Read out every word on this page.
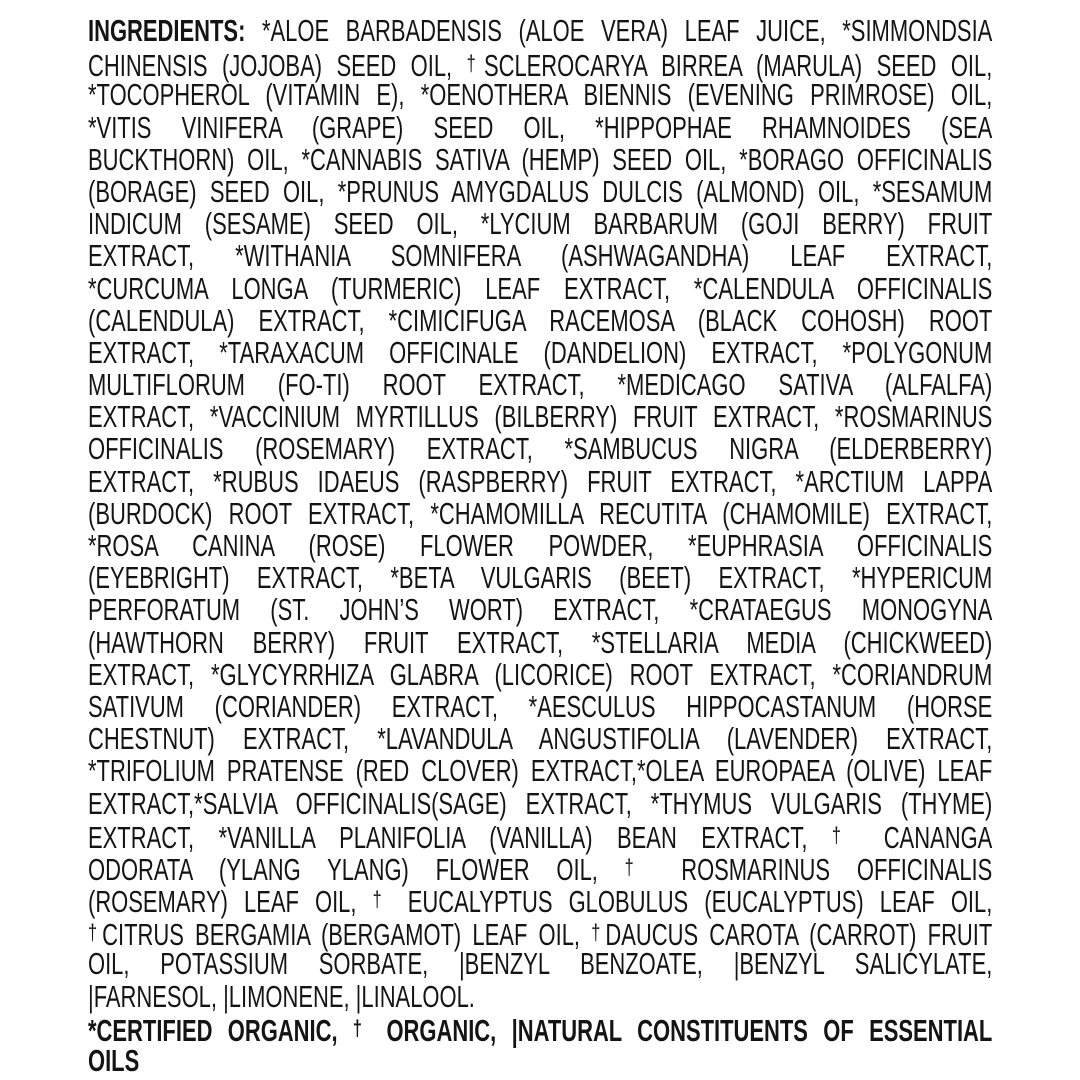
INGREDIENTS: *ALOE BARBADENSIS (ALOE VERA) LEAF JUICE, *SIMMONDSIA
CHINENSIS (JOJOBA) SEED OIL, †SCLEROCARYA BIRREA (MARULA) SEED OIL,
*TOCOPHEROL (VITAMIN E), *OENOTHERA BIENNIS (EVENING PRIMROSE) OIL,
*VITIS VINIFERA (GRAPE) SEED OIL, *HIPPOPHAE RHAMNOIDES (SEA
BUCKTHORN) OIL, *CANNABIS SATIVA (HEMP) SEED OIL, *BORAGO OFFICINALIS
(BORAGE) SEED OIL, *PRUNUS AMYGDALUS DULCIS (ALMOND) OIL, *SESAMUM
INDICUM (SESAME) SEED OIL, *LYCIUM BARBARUM (GOJI BERRY) FRUIT
EXTRACT, *WITHANIA SOMNIFERA (ASHWAGANDHA) LEAF EXTRACT,
*CURCUMA LONGA (TURMERIC) LEAF EXTRACT, *CALENDULA OFFICINALIS
(CALENDULA) EXTRACT, *CIMICIFUGA RACEMOSA (BLACK COHOSH) ROOT
EXTRACT, *TARAXACUM OFFICINALE (DANDELION) EXTRACT, *POLYGONUM
MULTIFLORUM (FO-TI) ROOT EXTRACT, *MEDICAGO SATIVA (ALFALFA)
EXTRACT, *VACCINIUM MYRTILLUS (BILBERRY) FRUIT EXTRACT, *ROSMARINUS
OFFICINALIS (ROSEMARY) EXTRACT, *SAMBUCUS NIGRA (ELDERBERRY)
EXTRACT, *RUBUS IDAEUS (RASPBERRY) FRUIT EXTRACT, *ARCTIUM LAPPA
(BURDOCK) ROOT EXTRACT, *CHAMOMILLA RECUTITA (CHAMOMILE) EXTRACT,
*ROSA CANINA (ROSE) FLOWER POWDER, *EUPHRASIA OFFICINALIS
(EYEBRIGHT) EXTRACT, *BETA VULGARIS (BEET) EXTRACT, *HYPERICUM
PERFORATUM (ST. JOHN’S WORT) EXTRACT, *CRATAEGUS MONOGYNA
(HAWTHORN BERRY) FRUIT EXTRACT, *STELLARIA MEDIA (CHICKWEED)
EXTRACT, *GLYCYRRHIZA GLABRA (LICORICE) ROOT EXTRACT, *CORIANDRUM
SATIVUM (CORIANDER) EXTRACT, *AESCULUS HIPPOCASTANUM (HORSE
CHESTNUT) EXTRACT, *LAVANDULA ANGUSTIFOLIA (LAVENDER) EXTRACT,
*TRIFOLIUM PRATENSE (RED CLOVER) EXTRACT,*OLEA EUROPAEA (OLIVE) LEAF
EXTRACT,*SALVIA OFFICINALIS(SAGE) EXTRACT, *THYMUS VULGARIS (THYME)
EXTRACT, *VANILLA PLANIFOLIA (VANILLA) BEAN EXTRACT, † CANANGA
ODORATA (YLANG YLANG) FLOWER OIL, † ROSMARINUS OFFICINALIS
(ROSEMARY) LEAF OIL, † EUCALYPTUS GLOBULUS (EUCALYPTUS) LEAF OIL,
†CITRUS BERGAMIA (BERGAMOT) LEAF OIL, †DAUCUS CAROTA (CARROT) FRUIT
OIL, POTASSIUM SORBATE, |BENZYL BENZOATE, |BENZYL SALICYLATE,
|FARNESOL, |LIMONENE, |LINALOOL.
*CERTIFIED ORGANIC, † ORGANIC, |NATURAL CONSTITUENTS OF ESSENTIAL
OILS
